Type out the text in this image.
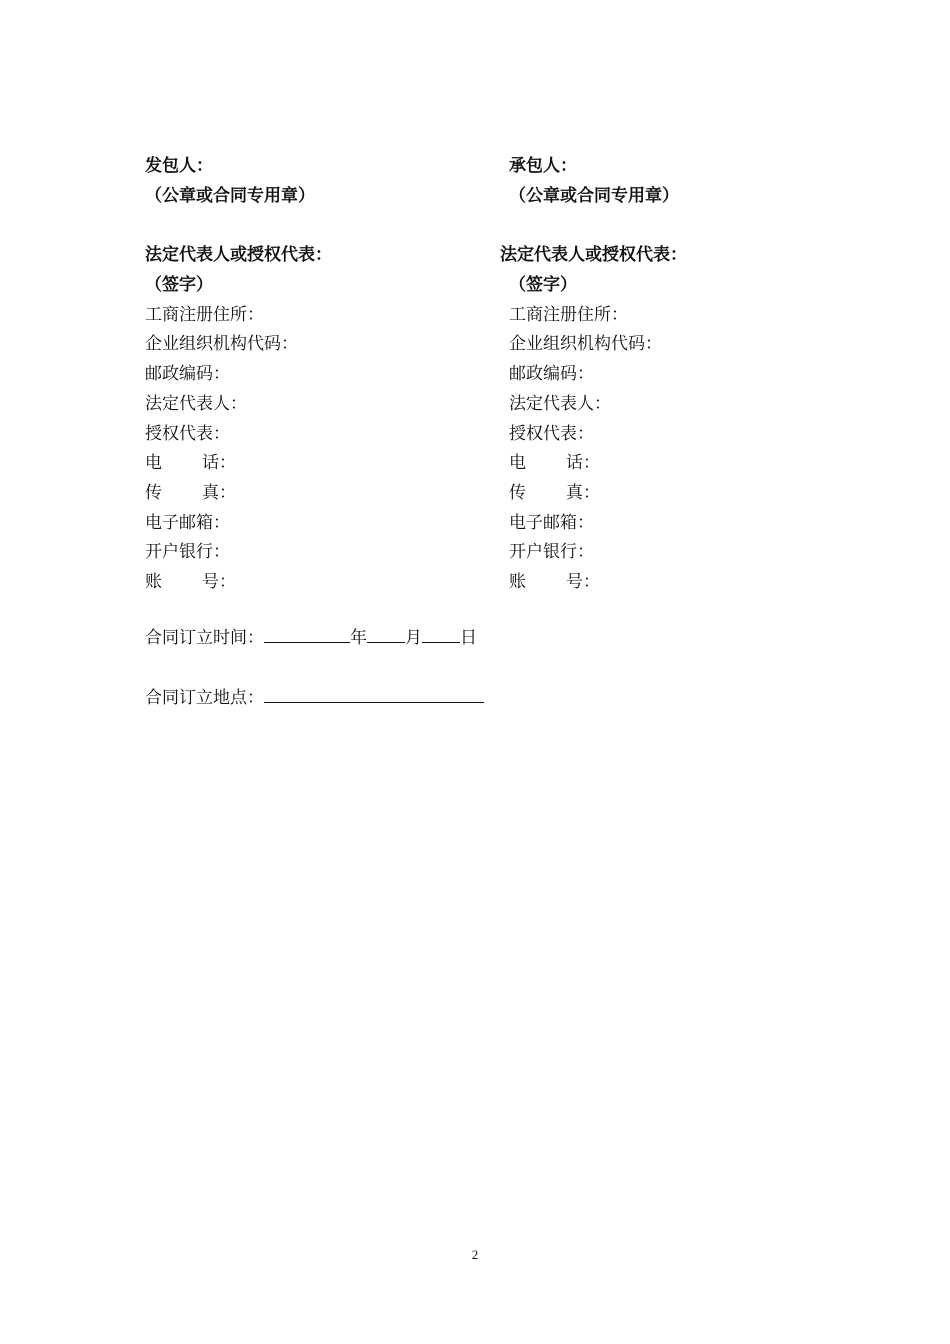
发包人：
（公章或合同专用章）
法定代表人或授权代表：
（签字）
工商注册住所：
企业组织机构代码：
邮政编码：
法定代表人：
授权代表：
电 话：
传 真：
电子邮箱：
开户银行：
账 号：
承包人：
（公章或合同专用章）
法定代表人或授权代表：
（签字）
工商注册住所：
企业组织机构代码：
邮政编码：
法定代表人：
授权代表：
电 话：
传 真：
电子邮箱：
开户银行：
账 号：
合同订立时间：	年 月 日
合同订立地点：
2
